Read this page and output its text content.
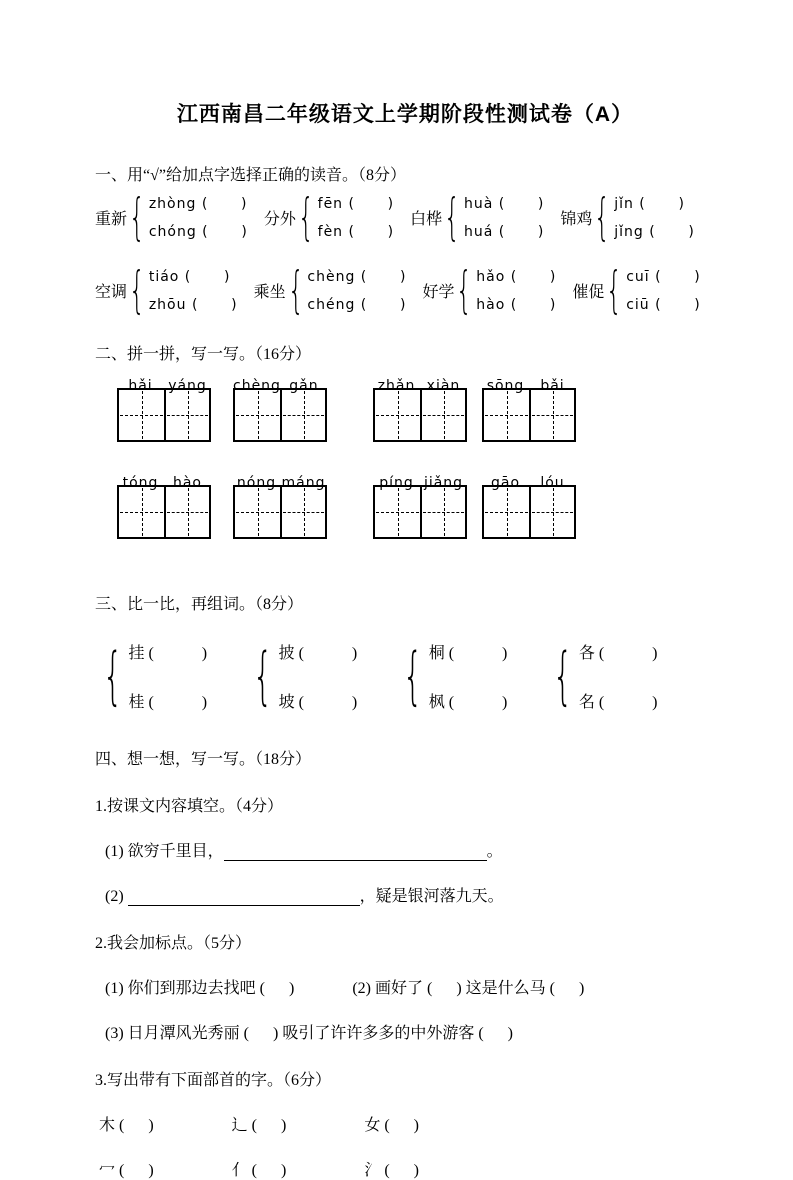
江西南昌二年级语文上学期阶段性测试卷（A）

一、用“√”给加点字选择正确的读音。（8分）

重新 { zhòng (      )
chóng (      )
分外 { fēn (      )
fèn (      )
白桦 { huà (      )
huá (      )
锦鸡 { jǐn (      )
jǐng (      )
空调 { tiáo (      )
zhōu (      )
乘坐 { chèng (      )
chéng (      )
好学 { hǎo (      )
hào (      )
催促 { cuī (      )
ciū (      )

二、拼一拼，写一写。（16分）

hǎi	yáng chèng gǎn	zhǎn xiàn	sōng	bǎi
tóng	hào	nóng máng	píng jiǎng	gāo	lóu

三、比一比，再组词。（8分）

{ 挂 (            )
桂 (            ) { 披 (            )
坡 (            ) { 桐 (            )
枫 (            ) { 各 (            )
名 (            )

四、想一想，写一写。（18分）

1.按课文内容填空。（4分）

(1) 欲穷千里目，	。

(2)	，疑是银河落九天。

2.我会加标点。（5分）

(1) 你们到那边去找吧 (      )	(2) 画好了 (      ) 这是什么马 (      )

(3) 日月潭风光秀丽 (      ) 吸引了许许多多的中外游客 (      )

3.写出带有下面部首的字。（6分）

木 (      )	辶 (      )	女 (      )
冖 (      )	亻 (      )	氵 (      )
